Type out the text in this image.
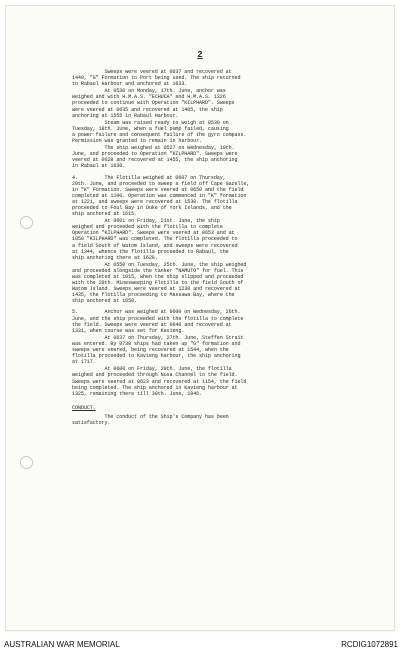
2

Sweeps were veered at 0637 and recovered at
1440, "G" Formation to Port being used. The ship returned
to Rabaul Harbour and anchored at 1633.

At 0530 on Monday, 17th. June, anchor was
weighed and with H.M.A.S. "ECHUCA" and H.M.A.S. 1326
proceeded to continue with Operation "KILPHARD". Sweeps
were veered at 0635 and recovered at 1405, the ship
anchoring at 1555 in Rabaul Harbour.

Steam was raised ready to weigh at 0530 on
Tuesday, 18th. June, when a fuel pump failed, causing
a power failure and consequent failure of the gyro compass.
Permission was granted to remain in harbour.

The ship weighed at 0527 on Wednesday, 19th.
June, and proceeded to Operation "KILPHARD". Sweeps were
veered at 0628 and recovered at 1455, the ship anchoring
in Rabaul at 1636.

4.         The Flotilla weighed at 0607 on Thursday,
20th. June, and proceeded to sweep a field off Cape Gazelle,
in "K" Formation. Sweeps were veered at 0650 and the field
completed at 1100. Operation was commenced in "K" formation
at 1221, and sweeps were recovered at 1530. The flotilla
proceeded to Foul Bay in Duke of York Islands, and the
ship anchored at 1615.

At 0601 on Friday, 21st. June, the ship
weighed and proceeded with the flotilla to complete
Operation "KILPHARD". Sweeps were veered at 0653 and at
1050 "KILPHARD" was completed. The flotilla proceeded to
a field South of Watom Island, and sweeps were recovered
at 1344, whence the flotilla proceeded to Rabaul, the
ship anchoring there at 1628.

At 0550 on Tuesday, 25th. June, the ship weighed
and proceeded alongside the tanker "NAMUTO" for fuel. This
was completed at 1015, when the ship slipped and proceeded
with the 20th. Minesweeping Flotilla to the field South of
Watom Island. Sweeps were veered at 1230 and recovered at
1435, the flotilla proceeding to Massawa Bay, where the
ship anchored at 1650.

5.         Anchor was weighed at 0600 on Wednesday, 26th.
June, and the ship proceeded with the flotilla to complete
the field. Sweeps were veered at 0640 and recovered at
1331, when course was set for Kavieng.

At 0637 on Thursday, 27th. June, Steffen Strait
was entered. By 0730 ships had taken up "G" formation and
sweeps were veered, being recovered at 1544, when the
flotilla proceeded to Kavieng harbour, the ship anchoring
at 1717.

At 0600 on Friday, 28th. June, the flotilla
weighed and proceeded through Nusa Channel to the field.
Sweeps were veered at 0623 and recovered at 1154, the field
being completed. The ship anchored in Kavieng harbour at
1325, remaining there till 30th. June, 1946.

CONDUCT.

The conduct of the Ship's Company has been
satisfactory.

AUSTRALIAN WAR MEMORIAL	RCDIG1072891
